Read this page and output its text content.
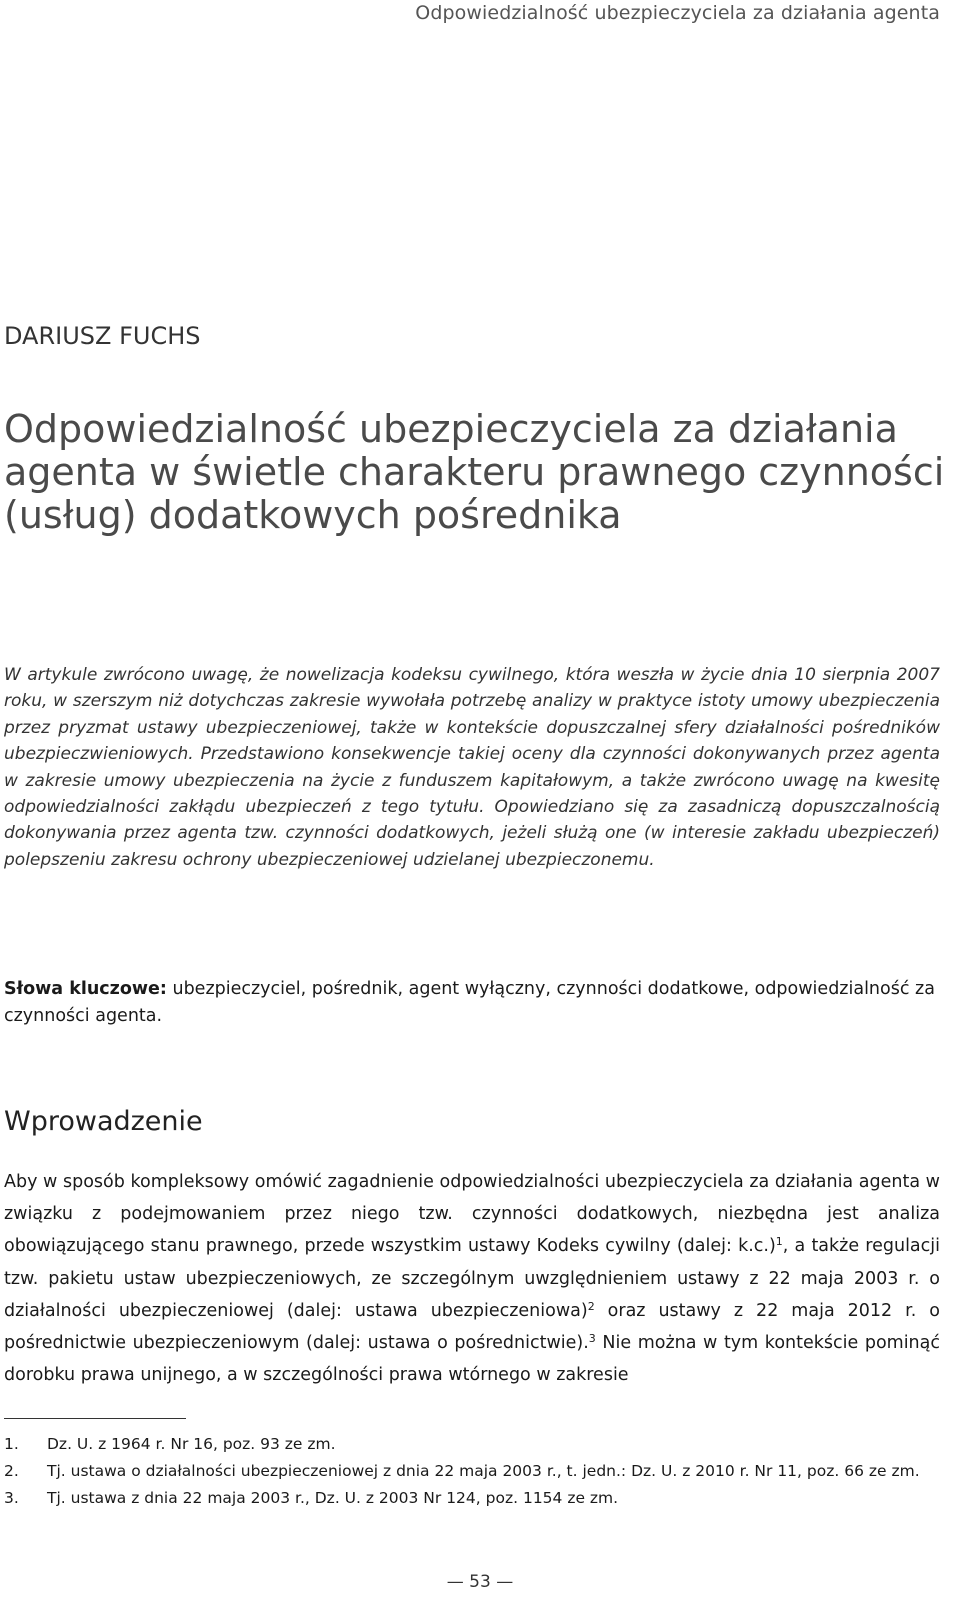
Odpowiedzialność ubezpieczyciela za działania agenta
DARIUSZ FUCHS
Odpowiedzialność ubezpieczyciela za działania
agenta w świetle charakteru prawnego czynności
(usług) dodatkowych pośrednika
W artykule zwrócono uwagę, że nowelizacja kodeksu cywilnego, która weszła w życie dnia 10 sierpnia 2007 roku, w szerszym niż dotychczas zakresie wywołała potrzebę analizy w praktyce istoty umowy ubezpieczenia przez pryzmat ustawy ubezpieczeniowej, także w kontekście dopuszczalnej sfery działalności pośredników ubezpieczwieniowych. Przedstawiono konsekwencje takiej oceny dla czynności dokonywanych przez agenta w zakresie umowy ubezpieczenia na życie z funduszem kapitałowym, a także zwrócono uwagę na kwesitę odpowiedzialności zakłądu ubezpieczeń z tego tytułu. Opowiedziano się za zasadniczą dopuszczalnością dokonywania przez agenta tzw. czynności dodatkowych, jeżeli służą one (w interesie zakładu ubezpieczeń) polepszeniu zakresu ochrony ubezpieczeniowej udzielanej ubezpieczonemu.
Słowa kluczowe: ubezpieczyciel, pośrednik, agent wyłączny, czynności dodatkowe, odpowiedzialność za czynności agenta.
Wprowadzenie
Aby w sposób kompleksowy omówić zagadnienie odpowiedzialności ubezpieczyciela za działania agenta w związku z podejmowaniem przez niego tzw. czynności dodatkowych, niezbędna jest analiza obowiązującego stanu prawnego, przede wszystkim ustawy Kodeks cywilny (dalej: k.c.)$^1$, a także regulacji tzw. pakietu ustaw ubezpieczeniowych, ze szczególnym uwzględnieniem ustawy z 22 maja 2003 r. o działalności ubezpieczeniowej (dalej: ustawa ubezpieczeniowa)$^2$ oraz ustawy z 22 maja 2012 r. o pośrednictwie ubezpieczeniowym (dalej: ustawa o pośrednictwie).$^3$ Nie można w tym kontekście pominąć dorobku prawa unijnego, a w szczególności prawa wtórnego w zakresie
1.	Dz. U. z 1964 r. Nr 16, poz. 93 ze zm.
2.	Tj. ustawa o działalności ubezpieczeniowej z dnia 22 maja 2003 r., t. jedn.: Dz. U. z 2010 r. Nr 11, poz. 66 ze zm.
3.	Tj. ustawa z dnia 22 maja 2003 r., Dz. U. z 2003 Nr 124, poz. 1154 ze zm.
— 53 —
